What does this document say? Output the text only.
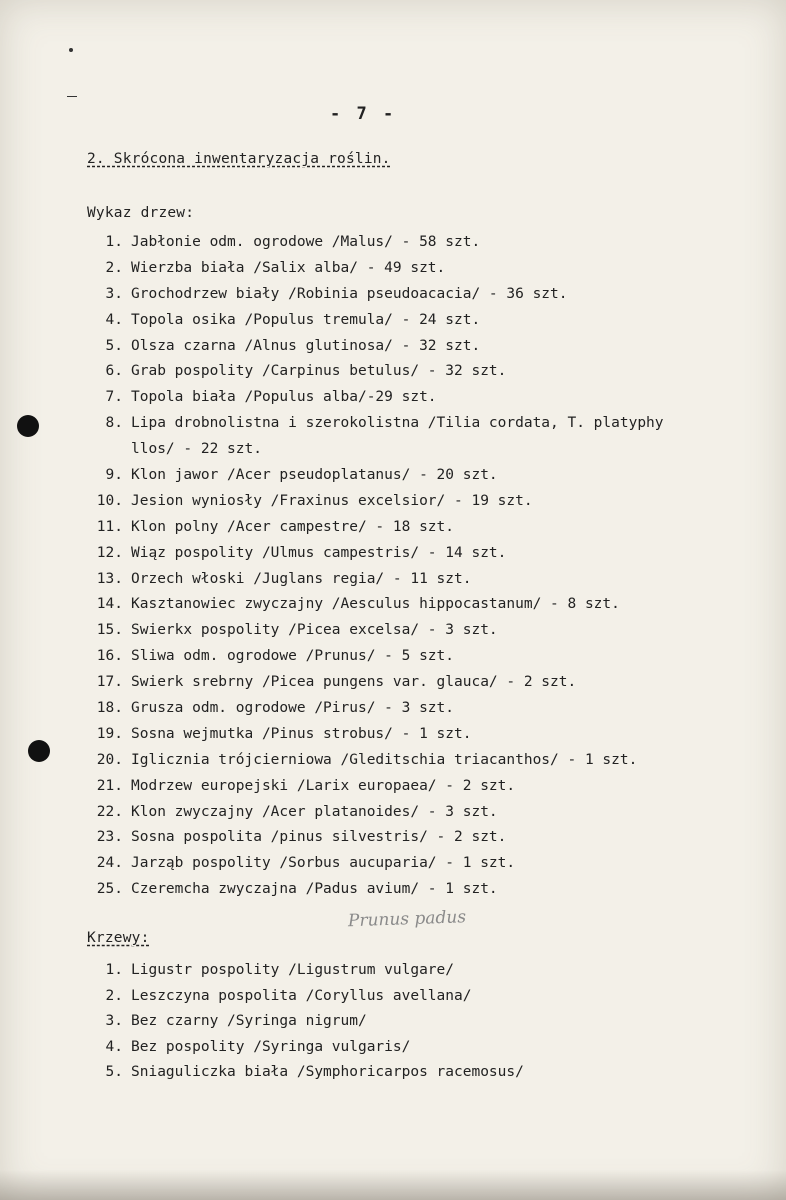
- 7 -
2. Skrócona inwentaryzacja roślin.
Wykaz drzew:
1. Jabłonie odm. ogrodowe /Malus/ - 58 szt.
2. Wierzba biała /Salix alba/ - 49 szt.
3. Grochodrzew biały /Robinia pseudoacacia/ - 36 szt.
4. Topola osika /Populus tremula/ - 24 szt.
5. Olsza czarna /Alnus glutinosa/ - 32 szt.
6. Grab pospolity /Carpinus betulus/ - 32 szt.
7. Topola biała /Populus alba/-29 szt.
8. Lipa drobnolistna i szerokolistna /Tilia cordata, T. platyphy
llos/ - 22 szt.
9. Klon jawor /Acer pseudoplatanus/ - 20 szt.
10. Jesion wyniosły /Fraxinus excelsior/ - 19 szt.
11. Klon polny /Acer campestre/ - 18 szt.
12. Wiąz pospolity /Ulmus campestris/ - 14 szt.
13. Orzech włoski /Juglans regia/ - 11 szt.
14. Kasztanowiec zwyczajny /Aesculus hippocastanum/ - 8 szt.
15. Swierkx pospolity /Picea excelsa/ - 3 szt.
16. Sliwa odm. ogrodowe /Prunus/ - 5 szt.
17. Swierk srebrny /Picea pungens var. glauca/ - 2 szt.
18. Grusza odm. ogrodowe /Pirus/ - 3 szt.
19. Sosna wejmutka /Pinus strobus/ - 1 szt.
20. Iglicznia trójcierniowa /Gleditschia triacanthos/ - 1 szt.
21. Modrzew europejski /Larix europaea/ - 2 szt.
22. Klon zwyczajny /Acer platanoides/ - 3 szt.
23. Sosna pospolita /pinus silvestris/ - 2 szt.
24. Jarząb pospolity /Sorbus aucuparia/ - 1 szt.
25. Czeremcha zwyczajna /Padus avium/ - 1 szt.
Prunus padus
Krzewy:
1. Ligustr pospolity /Ligustrum vulgare/
2. Leszczyna pospolita /Coryllus avellana/
3. Bez czarny /Syringa nigrum/
4. Bez pospolity /Syringa vulgaris/
5. Sniaguliczka biała /Symphoricarpos racemosus/
